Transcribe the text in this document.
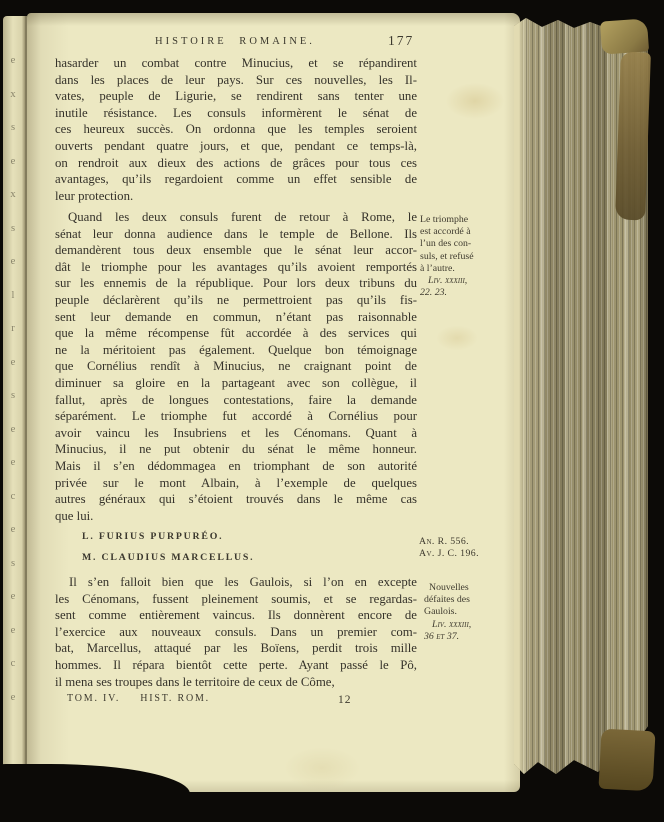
e
x
s
e
x
s
e
l
r
e
s
e
e
c
e
s
e
e
c
e
HISTOIRE ROMAINE.	177
hasarder un combat contre Minucius, et se répandirent
dans les places de leur pays. Sur ces nouvelles, les Il-
vates, peuple de Ligurie, se rendirent sans tenter une
inutile résistance. Les consuls informèrent le sénat de
ces heureux succès. On ordonna que les temples seroient
ouverts pendant quatre jours, et que, pendant ce temps-là,
on rendroit aux dieux des actions de grâces pour tous ces
avantages, qu’ils regardoient comme un effet sensible de
leur protection.
Quand les deux consuls furent de retour à Rome, le
sénat leur donna audience dans le temple de Bellone. Ils
demandèrent tous deux ensemble que le sénat leur accor-
dât le triomphe pour les avantages qu’ils avoient remportés
sur les ennemis de la république. Pour lors deux tribuns du
peuple déclarèrent qu’ils ne permettroient pas qu’ils fis-
sent leur demande en commun, n’étant pas raisonnable
que la même récompense fût accordée à des services qui
ne la méritoient pas également. Quelque bon témoignage
que Cornélius rendît à Minucius, ne craignant point de
diminuer sa gloire en la partageant avec son collègue, il
fallut, après de longues contestations, faire la demande
séparément. Le triomphe fut accordé à Cornélius pour
avoir vaincu les Insubriens et les Cénomans. Quant à
Minucius, il ne put obtenir du sénat le même honneur.
Mais il s’en dédommagea en triomphant de son autorité
privée sur le mont Albain, à l’exemple de quelques
autres généraux qui s’étoient trouvés dans le même cas
que lui.
L. FURIUS PURPURÉO.
M. CLAUDIUS MARCELLUS.
Il s’en falloit bien que les Gaulois, si l’on en excepte
les Cénomans, fussent pleinement soumis, et se regardas-
sent comme entièrement vaincus. Ils donnèrent encore de
l’exercice aux nouveaux consuls. Dans un premier com-
bat, Marcellus, attaqué par les Boïens, perdit trois mille
hommes. Il répara bientôt cette perte. Ayant passé le Pô,
il mena ses troupes dans le territoire de ceux de Côme,
Le triomphe
est accordé à
l’un des con-
suls, et refusé
à l’autre.
Liv. xxxiii,
22. 23.
An. R. 556.
Av. J. C. 196.
Nouvelles
défaites des
Gaulois.
Liv. xxxiii,
36 et 37.
TOM. IV. HIST. ROM.	12
